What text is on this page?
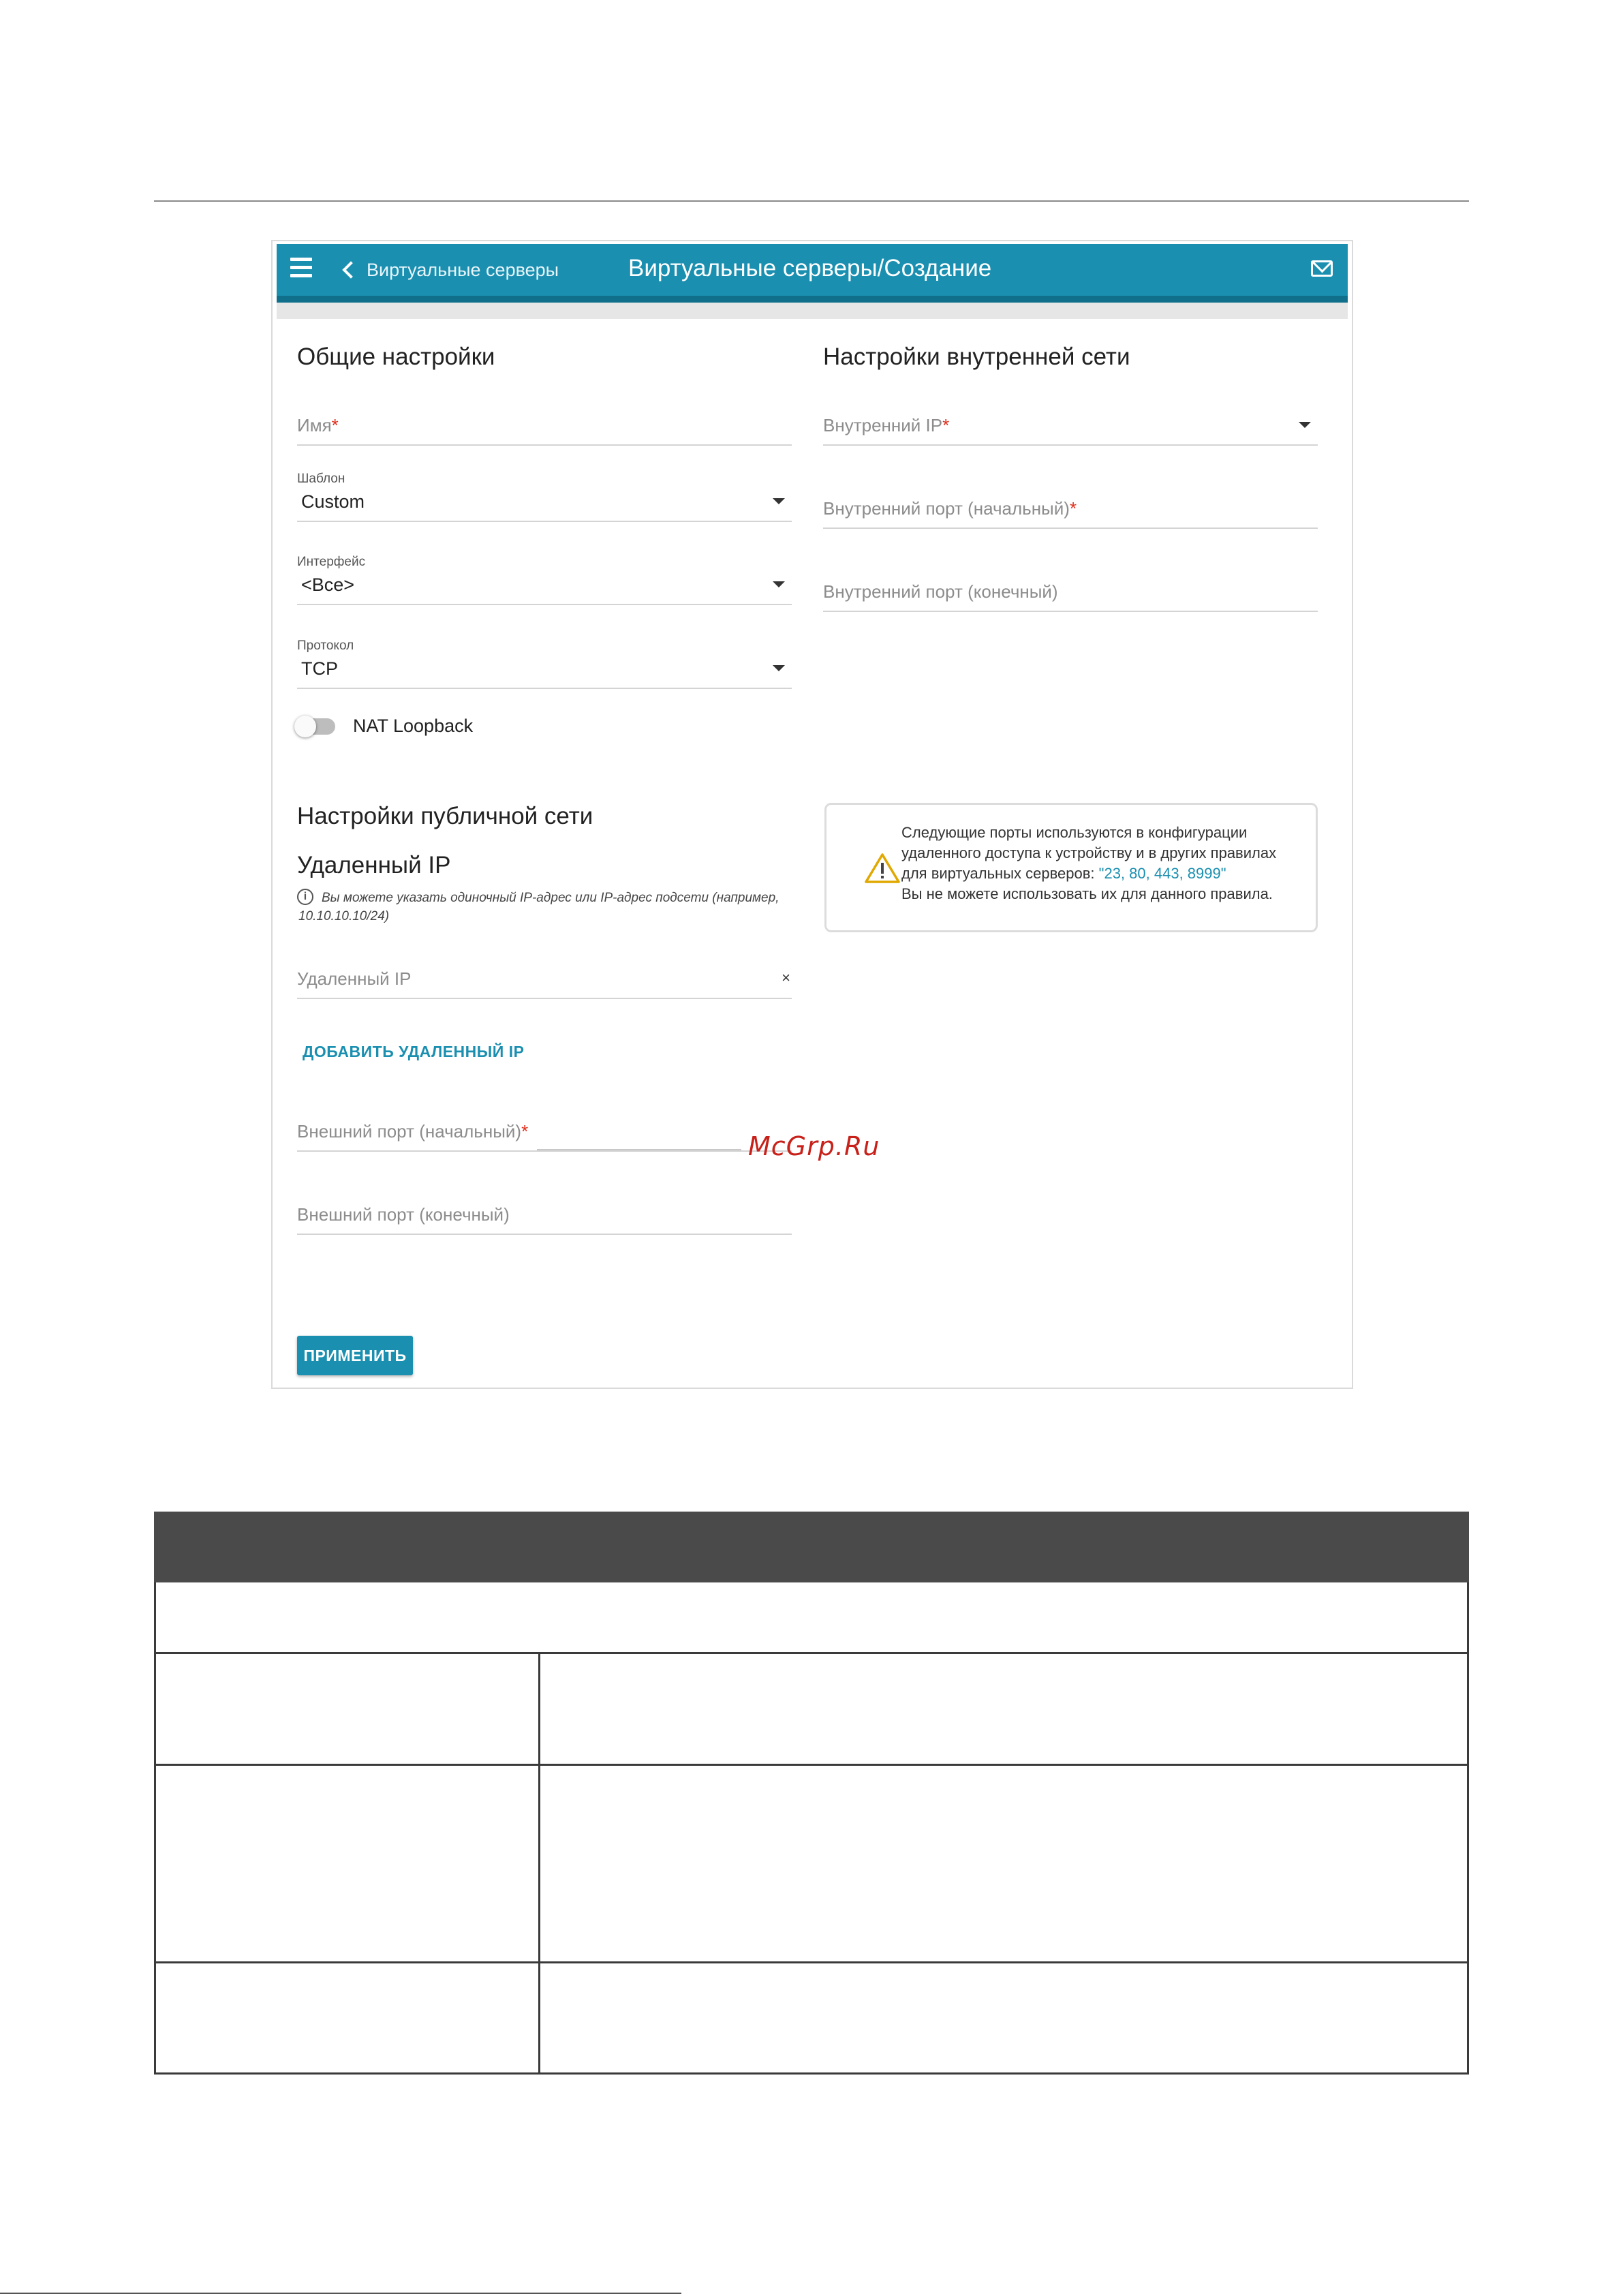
Виртуальные серверы	Виртуальные серверы/Создание
Общие настройки
Имя*
Шаблон
Custom
Интерфейс
<Все>
Протокол
TCP
NAT Loopback
Настройки внутренней сети
Внутренний IP*
Внутренний порт (начальный)*
Внутренний порт (конечный)
Настройки публичной сети
Удаленный IP
i	Вы можете указать одиночный IP-адрес или IP-адрес подсети (например,
10.10.10.10/24)
Удаленный IP	×
ДОБАВИТЬ УДАЛЕННЫЙ IP
Внешний порт (начальный)*
Внешний порт (конечный)
Следующие порты используются в конфигурации
удаленного доступа к устройству и в других правилах
для виртуальных серверов: "23, 80, 443, 8999"
Вы не можете использовать их для данного правила.
ПРИМЕНИТЬ
McGrp.Ru
